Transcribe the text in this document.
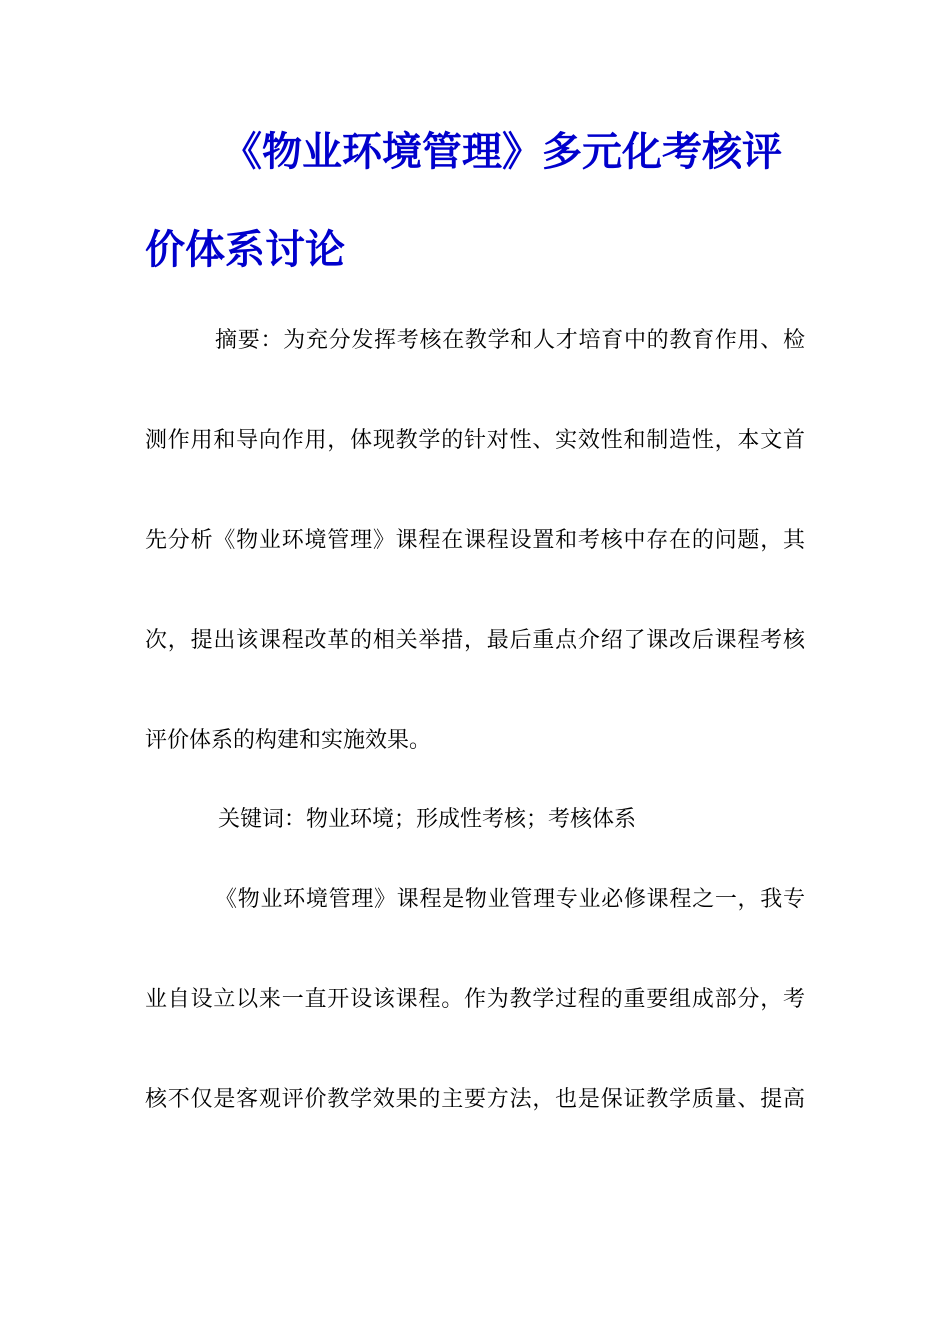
《物业环境管理》多元化考核评
价体系讨论

摘要：为充分发挥考核在教学和人才培育中的教育作用、检

测作用和导向作用，体现教学的针对性、实效性和制造性，本文首

先分析《物业环境管理》课程在课程设置和考核中存在的问题，其

次，提出该课程改革的相关举措，最后重点介绍了课改后课程考核

评价体系的构建和实施效果。

关键词：物业环境；形成性考核；考核体系

《物业环境管理》课程是物业管理专业必修课程之一，我专

业自设立以来一直开设该课程。作为教学过程的重要组成部分，考

核不仅是客观评价教学效果的主要方法，也是保证教学质量、提高
